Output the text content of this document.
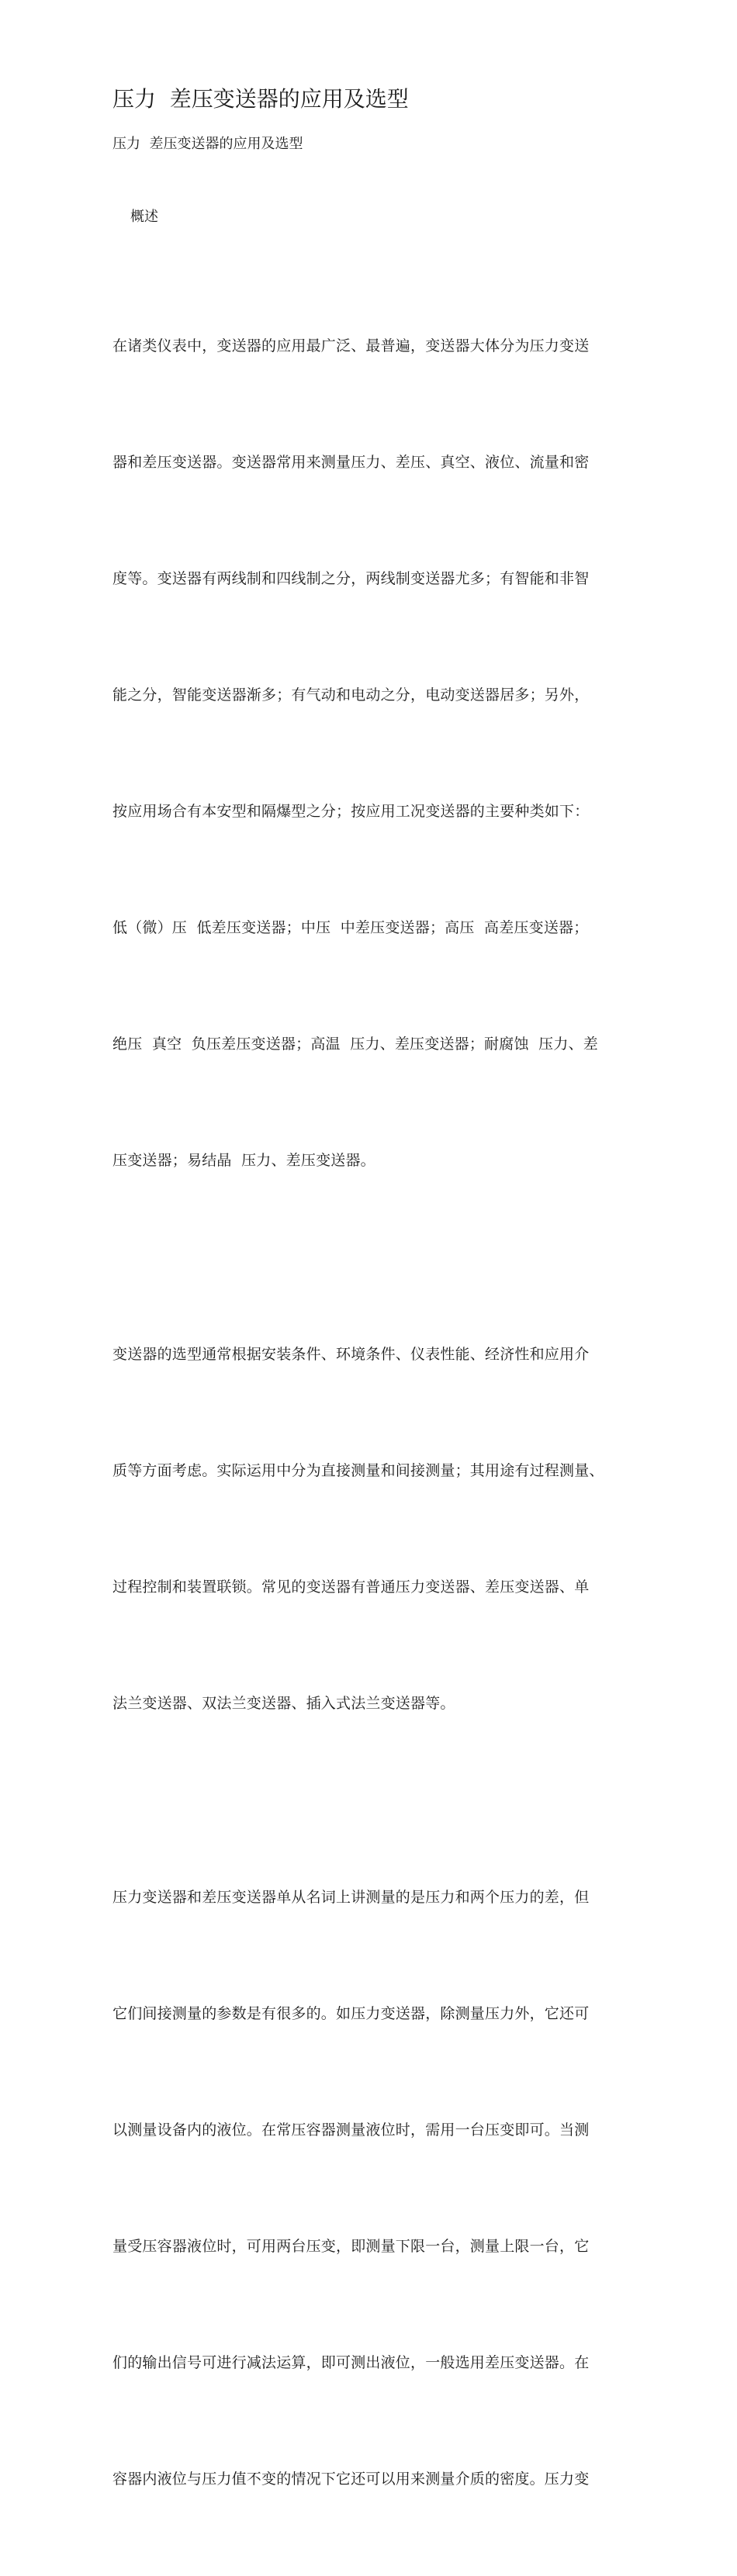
压力  差压变送器的应用及选型
压力  差压变送器的应用及选型
概述

在诸类仪表中，变送器的应用最广泛、最普遍，变送器大体分为压力变送

器和差压变送器。变送器常用来测量压力、差压、真空、液位、流量和密

度等。变送器有两线制和四线制之分，两线制变送器尤多；有智能和非智

能之分，智能变送器渐多；有气动和电动之分，电动变送器居多；另外，

按应用场合有本安型和隔爆型之分；按应用工况变送器的主要种类如下：

低（微）压  低差压变送器；中压  中差压变送器；高压  高差压变送器；

绝压  真空  负压差压变送器；高温  压力、差压变送器；耐腐蚀  压力、差

压变送器；易结晶  压力、差压变送器。

变送器的选型通常根据安装条件、环境条件、仪表性能、经济性和应用介

质等方面考虑。实际运用中分为直接测量和间接测量；其用途有过程测量、

过程控制和装置联锁。常见的变送器有普通压力变送器、差压变送器、单

法兰变送器、双法兰变送器、插入式法兰变送器等。

压力变送器和差压变送器单从名词上讲测量的是压力和两个压力的差，但

它们间接测量的参数是有很多的。如压力变送器，除测量压力外，它还可

以测量设备内的液位。在常压容器测量液位时，需用一台压变即可。当测

量受压容器液位时，可用两台压变，即测量下限一台，测量上限一台，它

们的输出信号可进行减法运算，即可测出液位，一般选用差压变送器。在

容器内液位与压力值不变的情况下它还可以用来测量介质的密度。压力变
